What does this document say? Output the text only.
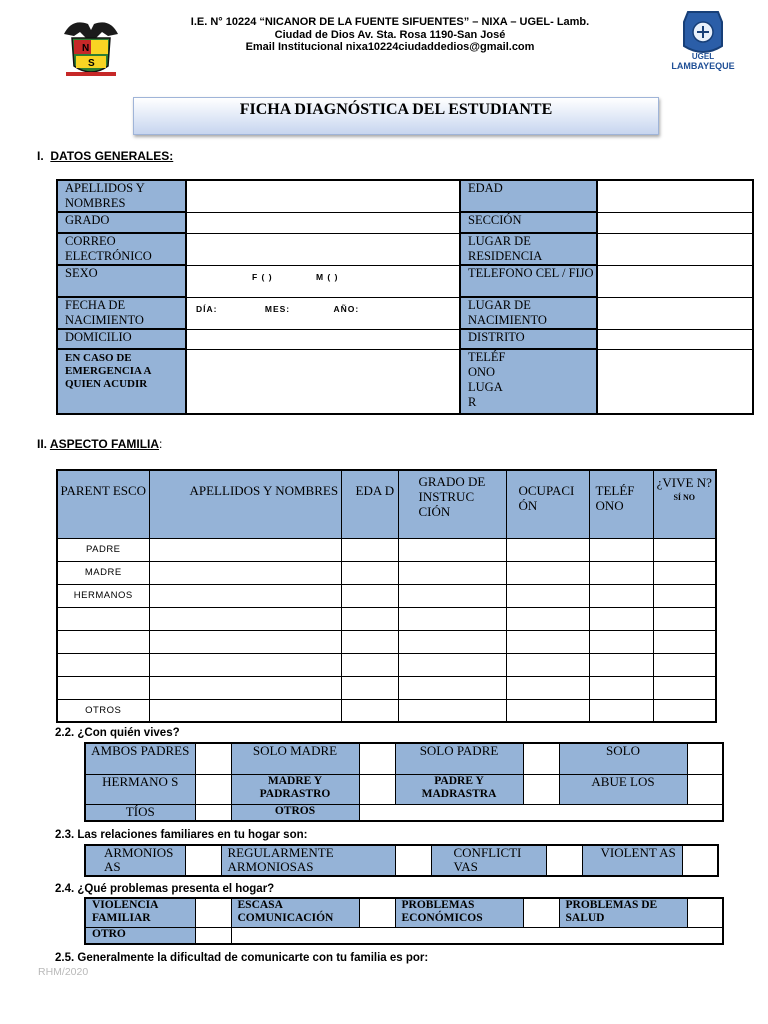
N
S
I.E. N° 10224 “NICANOR DE LA FUENTE SIFUENTES” – NIXA – UGEL- Lamb.
Ciudad de Dios Av. Sta. Rosa 1190-San José
Email Institucional nixa10224ciudaddedios@gmail.com
UGEL
LAMBAYEQUE
FICHA DIAGNÓSTICA DEL ESTUDIANTE
I. DATOS GENERALES:
APELLIDOS Y NOMBRES		EDAD	
GRADO		SECCIÓN	
CORREO ELECTRÓNICO		LUGAR DE RESIDENCIA	
SEXO	F ( ) M ( )	TELEFONO CEL / FIJO	
FECHA DE NACIMIENTO	DÍA: MES: AÑO:	LUGAR DE NACIMIENTO	
DOMICILIO		DISTRITO	
EN CASO DE EMERGENCIA A QUIEN ACUDIR		TELÉF
ONO
LUGA
R	

II. ASPECTO FAMILIA:
PARENT ESCO	APELLIDOS Y NOMBRES	EDA D	GRADO DE INSTRUC CIÓN	OCUPACI ÓN	TELÉF ONO	¿VIVE N?
SÍ NO

PADRE						
MADRE						
HERMANOS						

OTROS						
2.2. ¿Con quién vives?
AMBOS PADRES		SOLO MADRE		SOLO PADRE		SOLO	
HERMANO S		MADRE Y PADRASTRO		PADRE Y MADRASTRA		ABUE LOS	
TÍOS		OTROS					
2.3. Las relaciones familiares en tu hogar son:
ARMONIOS AS		REGULARMENTE ARMONIOSAS		CONFLICTI VAS		VIOLENT AS	
2.4. ¿Qué problemas presenta el hogar?
VIOLENCIA FAMILIAR		ESCASA COMUNICACIÓN		PROBLEMAS ECONÓMICOS		PROBLEMAS DE SALUD	
OTRO							
2.5. Generalmente la dificultad de comunicarte con tu familia es por:
RHM/2020
